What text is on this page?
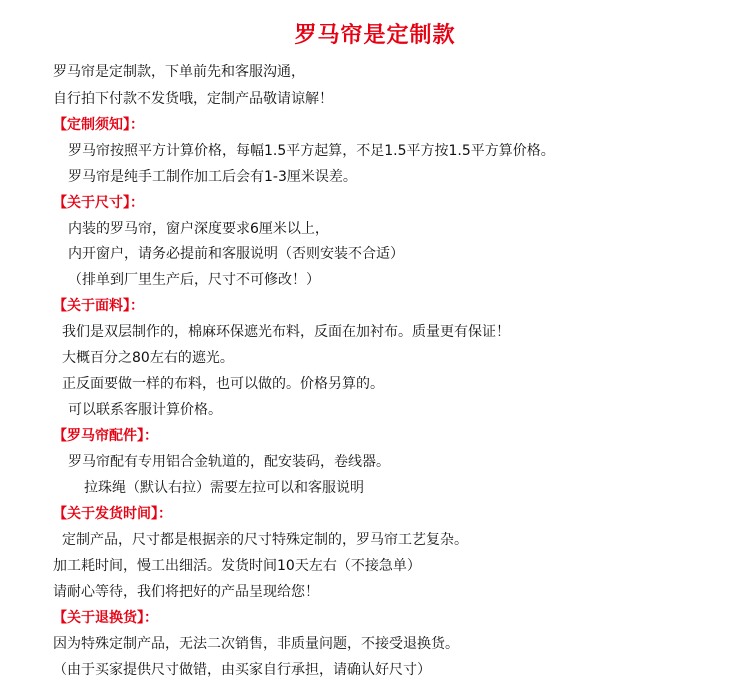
罗马帘是定制款
罗马帘是定制款，下单前先和客服沟通，
自行拍下付款不发货哦，定制产品敬请谅解！
【定制须知】：
罗马帘按照平方计算价格，每幅1.5平方起算，不足1.5平方按1.5平方算价格。
罗马帘是纯手工制作加工后会有1-3厘米误差。
【关于尺寸】：
内装的罗马帘，窗户深度要求6厘米以上，
内开窗户，请务必提前和客服说明（否则安装不合适）
（排单到厂里生产后，尺寸不可修改！）
【关于面料】：
我们是双层制作的，棉麻环保遮光布料，反面在加衬布。质量更有保证！
大概百分之80左右的遮光。
正反面要做一样的布料，也可以做的。价格另算的。
可以联系客服计算价格。
【罗马帘配件】：
罗马帘配有专用铝合金轨道的，配安装码，卷线器。
拉珠绳（默认右拉）需要左拉可以和客服说明
【关于发货时间】：
定制产品，尺寸都是根据亲的尺寸特殊定制的，罗马帘工艺复杂。
加工耗时间，慢工出细活。发货时间10天左右（不接急单）
请耐心等待，我们将把好的产品呈现给您！
【关于退换货】：
因为特殊定制产品，无法二次销售，非质量问题，不接受退换货。
（由于买家提供尺寸做错，由买家自行承担，请确认好尺寸）
